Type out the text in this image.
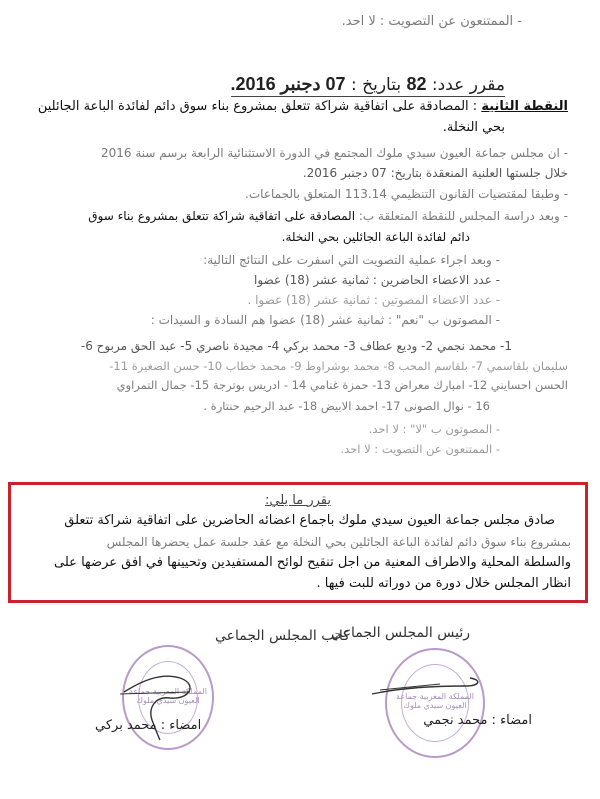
- الممتنعون عن التصويت : لا احد.
مقرر عدد: 82 بتاريخ : 07 دجنبر 2016.
النقطة الثانية : المصادقة على اتفاقية شراكة تتعلق بمشروع بناء سوق دائم لفائدة الباعة الجائلين
بحي النخلة.
- ان مجلس جماعة العيون سيدي ملوك المجتمع في الدورة الاستثنائية الرابعة برسم سنة 2016
خلال جلستها العلنية المنعقدة بتاريخ: 07 دجنبر 2016.
- وطبقا لمقتضيات القانون التنظيمي 113.14 المتعلق بالجماعات.
- وبعد دراسة المجلس للنقطة المتعلقة ب: المصادقة على اتفاقية شراكة تتعلق بمشروع بناء سوق
دائم لفائدة الباعة الجائلين بحي النخلة.
- وبعد اجراء عملية التصويت التي اسفرت على النتائج التالية:
- عدد الاعضاء الحاضرين : ثمانية عشر (18) عضوا
- عدد الاعضاء المصوتين : ثمانية عشر (18) عضوا .
- المصوتون ب "نعم" : ثمانية عشر (18) عضوا هم السادة و السيدات :
1- محمد نجمي 2- وديع عطاف 3- محمد بركي 4- مجيدة ناصري 5- عبد الحق مربوح 6-
سليمان بلقاسمي 7- بلقاسم المحب 8- محمد بوشراوط 9- محمد خطاب 10- حسن الصغيرة 11-
الحسن احسايني 12- امبارك معراض 13- حمزة غنامي 14 - ادريس بوترجة 15- جمال التمراوي
16 - نوال الصونى 17- احمد الابيض 18- عبد الرحيم حنتارة .
- المصوتون ب "لا" : لا احد.
- الممتنعون عن التصويت : لا احد.
يقرر ما يلي:
صادق مجلس جماعة العيون سيدي ملوك باجماع اعضائه الحاضرين على اتفاقية شراكة تتعلق
بمشروع بناء سوق دائم لفائدة الباعة الجائلين بحي النخلة مع عقد جلسة عمل يحضرها المجلس
والسلطة المحلية والاطراف المعنية من اجل تنقيح لوائح المستفيدين وتحيينها في افق عرضها على
انظار المجلس خلال دورة من دوراته للبت فيها .
رئيس المجلس الجماعي
كاتب المجلس الجماعي
المملكة المغربية جماعة العيون سيدي ملوك
المملكة المغربية جماعة العيون سيدي ملوك
امضاء : محمد نجمي
امضاء : محمد بركي
